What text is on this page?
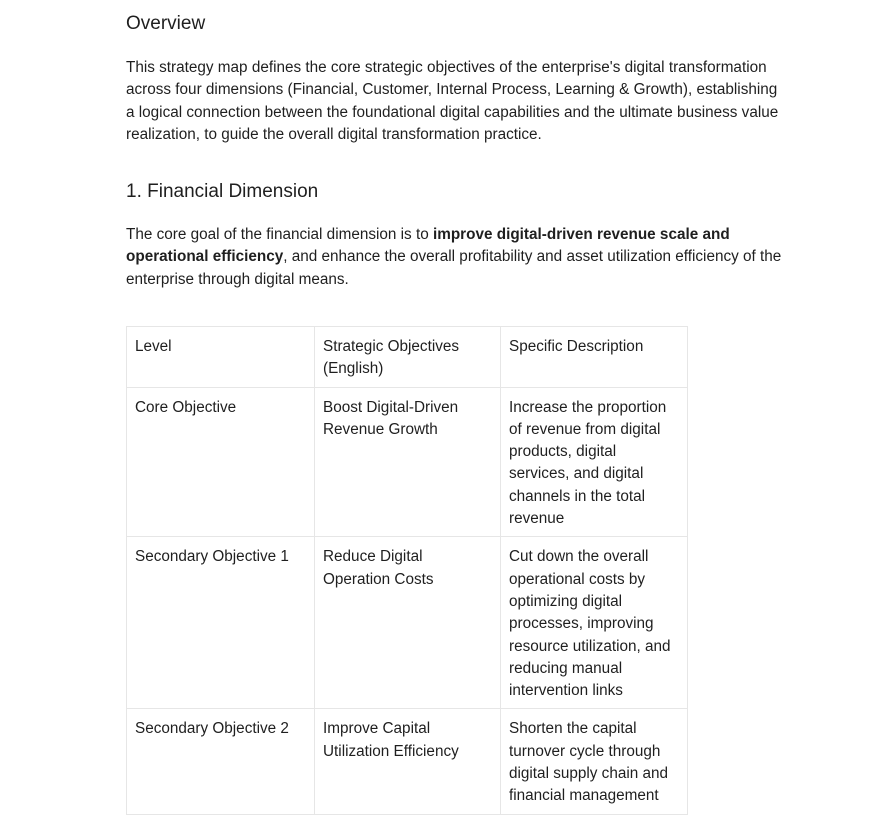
Overview

This strategy map defines the core strategic objectives of the enterprise's digital transformation across four dimensions (Financial, Customer, Internal Process, Learning & Growth), establishing a logical connection between the foundational digital capabilities and the ultimate business value realization, to guide the overall digital transformation practice.

1. Financial Dimension

The core goal of the financial dimension is to improve digital-driven revenue scale and operational efficiency, and enhance the overall profitability and asset utilization efficiency of the enterprise through digital means.

Level	Strategic Objectives (English)	Specific Description
Core Objective	Boost Digital-Driven Revenue Growth	Increase the proportion of revenue from digital products, digital services, and digital channels in the total revenue
Secondary Objective 1	Reduce Digital Operation Costs	Cut down the overall operational costs by optimizing digital processes, improving resource utilization, and reducing manual intervention links
Secondary Objective 2	Improve Capital Utilization Efficiency	Shorten the capital turnover cycle through digital supply chain and financial management
